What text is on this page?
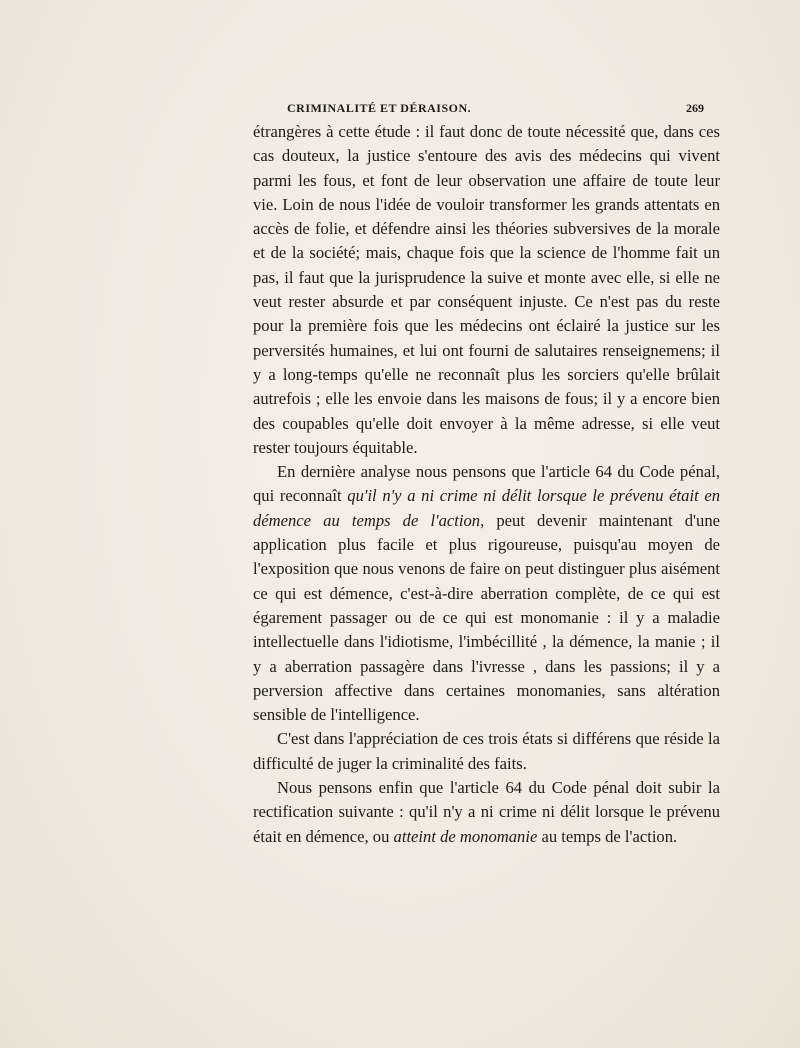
CRIMINALITÉ ET DÉRAISON.	269

étrangères à cette étude : il faut donc de toute nécessité que, dans ces cas douteux, la justice s'entoure des avis des médecins qui vivent parmi les fous, et font de leur observation une affaire de toute leur vie. Loin de nous l'idée de vouloir transformer les grands attentats en accès de folie, et défendre ainsi les théories subversives de la morale et de la société; mais, chaque fois que la science de l'homme fait un pas, il faut que la jurisprudence la suive et monte avec elle, si elle ne veut rester absurde et par conséquent injuste. Ce n'est pas du reste pour la première fois que les médecins ont éclairé la justice sur les perversités humaines, et lui ont fourni de salutaires renseignemens; il y a long-temps qu'elle ne reconnaît plus les sorciers qu'elle brûlait autrefois ; elle les envoie dans les maisons de fous; il y a encore bien des coupables qu'elle doit envoyer à la même adresse, si elle veut rester toujours équitable.

En dernière analyse nous pensons que l'article 64 du Code pénal, qui reconnaît qu'il n'y a ni crime ni délit lorsque le prévenu était en démence au temps de l'action, peut devenir maintenant d'une application plus facile et plus rigoureuse, puisqu'au moyen de l'exposition que nous venons de faire on peut distinguer plus aisément ce qui est démence, c'est-à-dire aberration complète, de ce qui est égarement passager ou de ce qui est monomanie : il y a maladie intellectuelle dans l'idiotisme, l'imbécillité , la démence, la manie ; il y a aberration passagère dans l'ivresse , dans les passions; il y a perversion affective dans certaines monomanies, sans altération sensible de l'intelligence.

C'est dans l'appréciation de ces trois états si différens que réside la difficulté de juger la criminalité des faits.

Nous pensons enfin que l'article 64 du Code pénal doit subir la rectification suivante : qu'il n'y a ni crime ni délit lorsque le prévenu était en démence, ou atteint de monomanie au temps de l'action.
